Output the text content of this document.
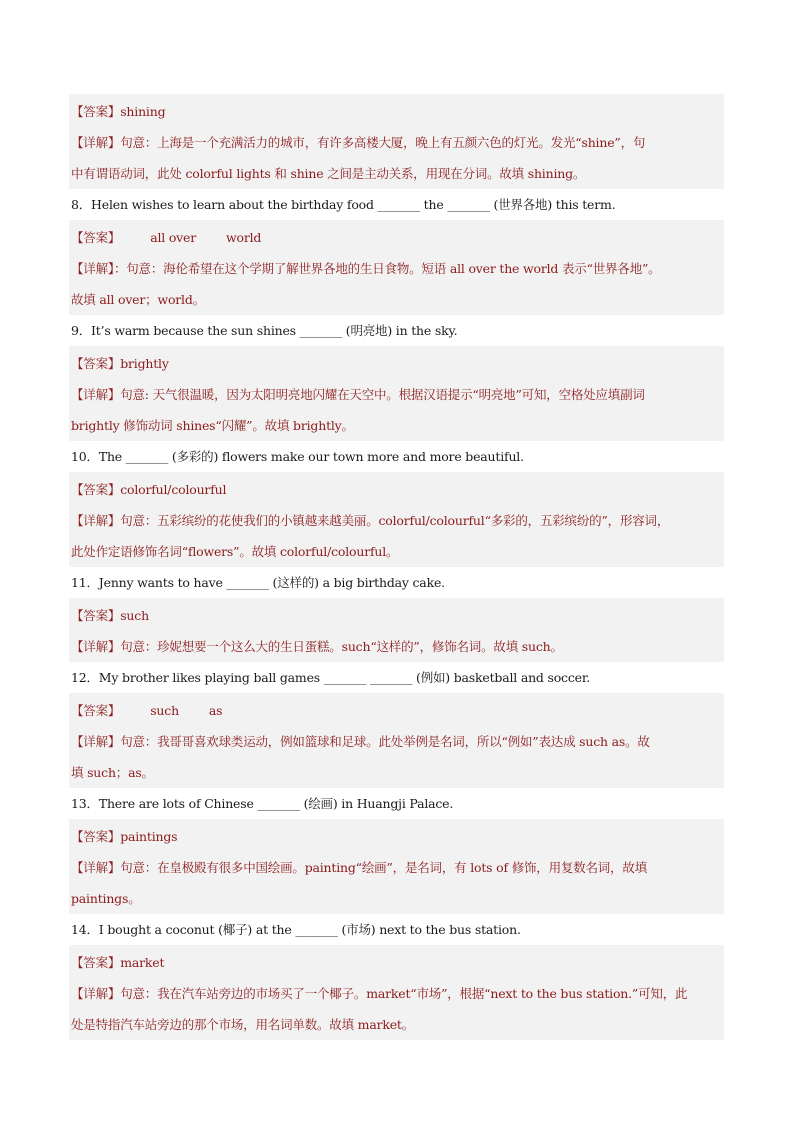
【答案】shining
【详解】句意：上海是一个充满活力的城市，有许多高楼大厦，晚上有五颜六色的灯光。发光“shine”，句
中有谓语动词，此处 colorful lights 和 shine 之间是主动关系，用现在分词。故填 shining。
8．Helen wishes to learn about the birthday food _______ the _______ (世界各地) this term.
【答案】 all over world
【详解】：句意：海伦希望在这个学期了解世界各地的生日食物。短语 all over the world 表示“世界各地”。
故填 all over；world。
9．It’s warm because the sun shines _______ (明亮地) in the sky.
【答案】brightly
【详解】句意: 天气很温暖，因为太阳明亮地闪耀在天空中。根据汉语提示“明亮地”可知，空格处应填副词
brightly 修饰动词 shines“闪耀”。故填 brightly。
10．The _______ (多彩的) flowers make our town more and more beautiful.
【答案】colorful/colourful
【详解】句意：五彩缤纷的花使我们的小镇越来越美丽。colorful/colourful“多彩的，五彩缤纷的”，形容词，
此处作定语修饰名词“flowers”。故填 colorful/colourful。
11．Jenny wants to have _______ (这样的) a big birthday cake.
【答案】such
【详解】句意：珍妮想要一个这么大的生日蛋糕。such“这样的”，修饰名词。故填 such。
12．My brother likes playing ball games _______ _______ (例如) basketball and soccer.
【答案】 such as
【详解】句意：我哥哥喜欢球类运动，例如篮球和足球。此处举例是名词，所以“例如”表达成 such as。故
填 such；as。
13．There are lots of Chinese _______ (绘画) in Huangji Palace.
【答案】paintings
【详解】句意：在皇极殿有很多中国绘画。painting“绘画”，是名词，有 lots of 修饰，用复数名词，故填
paintings。
14．I bought a coconut (椰子) at the _______ (市场) next to the bus station.
【答案】market
【详解】句意：我在汽车站旁边的市场买了一个椰子。market“市场”，根据“next to the bus station.”可知，此
处是特指汽车站旁边的那个市场，用名词单数。故填 market。
